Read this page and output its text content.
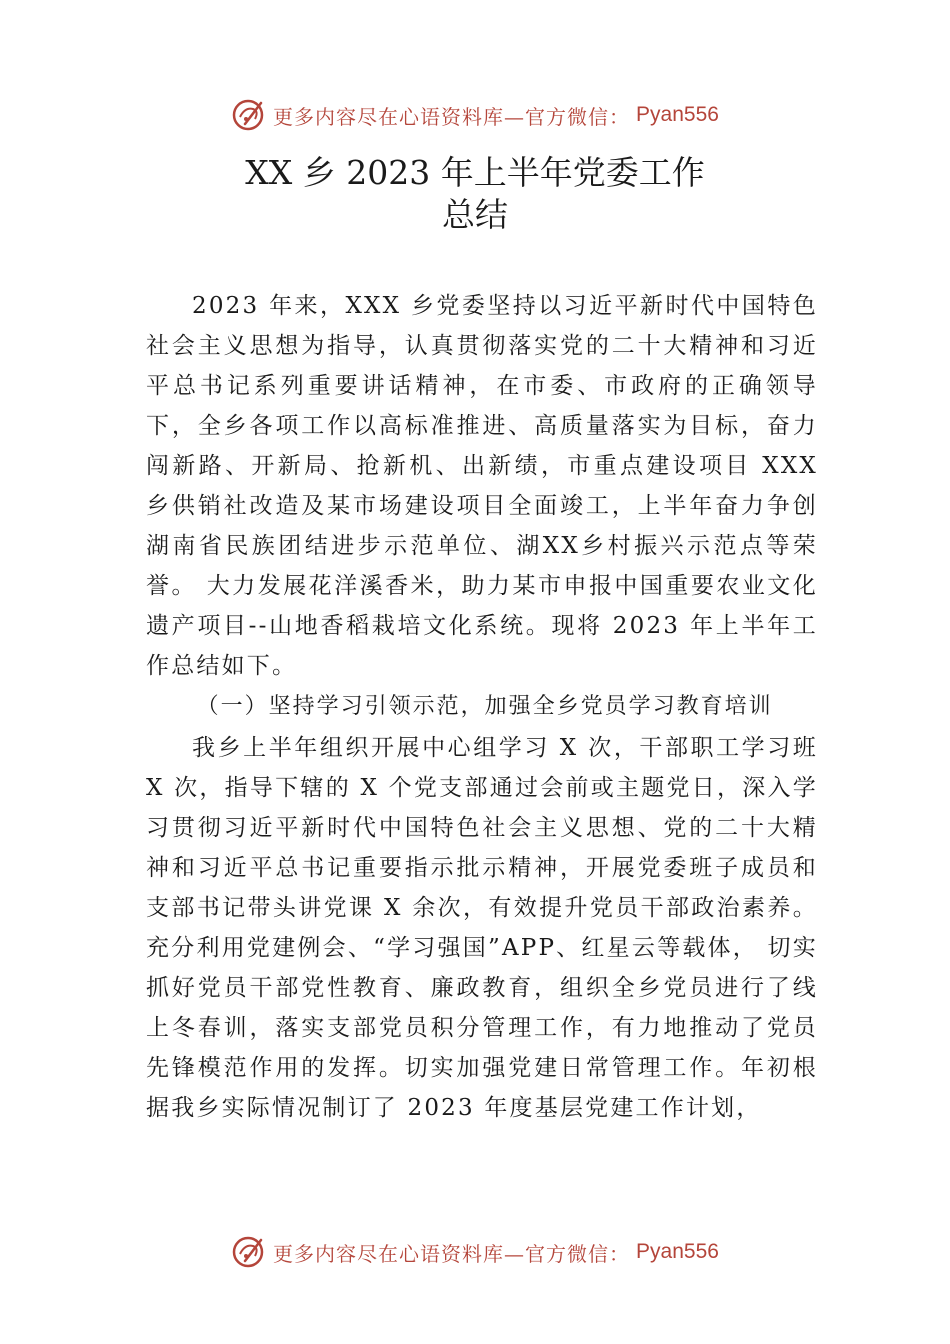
更多内容尽在心语资料库—官方微信： Pyan556
XX 乡 2023 年上半年党委工作
总结

2023 年来，XXX 乡党委坚持以习近平新时代中国特色社会主义思想为指导，认真贯彻落实党的二十大精神和习近平总书记系列重要讲话精神，在市委、市政府的正确领导下，全乡各项工作以高标准推进、高质量落实为目标，奋力闯新路、开新局、抢新机、出新绩，市重点建设项目 XXX 乡供销社改造及某市场建设项目全面竣工，上半年奋力争创湖南省民族团结进步示范单位、湖XX乡村振兴示范点等荣誉。 大力发展花洋溪香米，助力某市申报中国重要农业文化遗产项目--山地香稻栽培文化系统。现将 2023 年上半年工作总结如下。

（一）坚持学习引领示范，加强全乡党员学习教育培训

我乡上半年组织开展中心组学习 X 次，干部职工学习班 X 次，指导下辖的 X 个党支部通过会前或主题党日，深入学习贯彻习近平新时代中国特色社会主义思想、党的二十大精神和习近平总书记重要指示批示精神，开展党委班子成员和支部书记带头讲党课 X 余次，有效提升党员干部政治素养。充分利用党建例会、“学习强国”APP、红星云等载体， 切实抓好党员干部党性教育、廉政教育，组织全乡党员进行了线上冬春训，落实支部党员积分管理工作，有力地推动了党员先锋模范作用的发挥。切实加强党建日常管理工作。年初根据我乡实际情况制订了 2023 年度基层党建工作计划，

更多内容尽在心语资料库—官方微信： Pyan556
